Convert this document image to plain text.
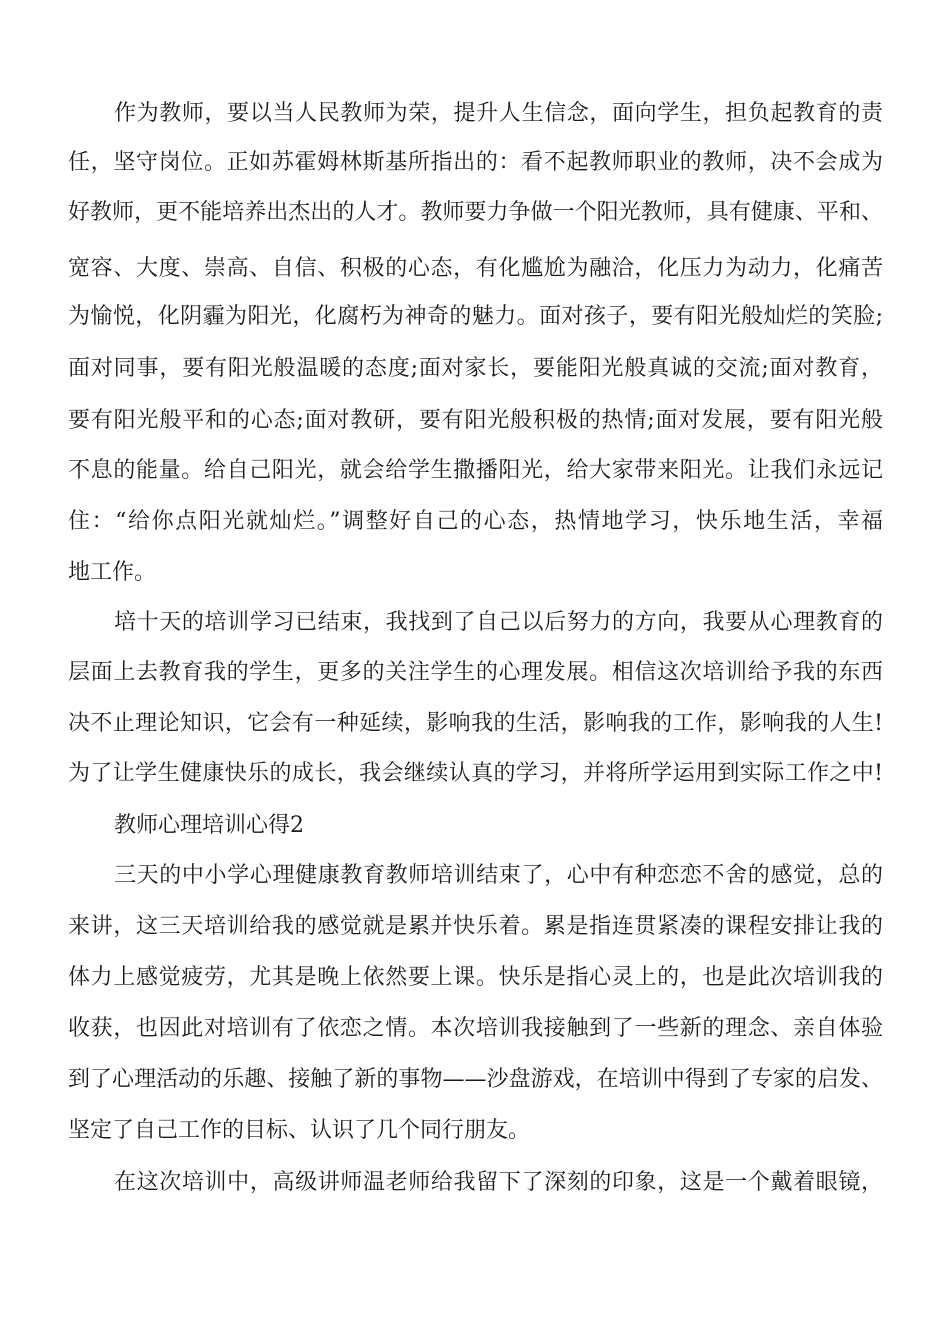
作为教师，要以当人民教师为荣，提升人生信念，面向学生，担负起教育的责
任，坚守岗位。正如苏霍姆林斯基所指出的：看不起教师职业的教师，决不会成为
好教师，更不能培养出杰出的人才。教师要力争做一个阳光教师，具有健康、平和、
宽容、大度、崇高、自信、积极的心态，有化尴尬为融洽，化压力为动力，化痛苦
为愉悦，化阴霾为阳光，化腐朽为神奇的魅力。面对孩子，要有阳光般灿烂的笑脸;
面对同事，要有阳光般温暖的态度;面对家长，要能阳光般真诚的交流;面对教育，
要有阳光般平和的心态;面对教研，要有阳光般积极的热情;面对发展，要有阳光般
不息的能量。给自己阳光，就会给学生撒播阳光，给大家带来阳光。让我们永远记
住：“给你点阳光就灿烂。”调整好自己的心态，热情地学习，快乐地生活，幸福
地工作。
培十天的培训学习已结束，我找到了自己以后努力的方向，我要从心理教育的
层面上去教育我的学生，更多的关注学生的心理发展。相信这次培训给予我的东西
决不止理论知识，它会有一种延续，影响我的生活，影响我的工作，影响我的人生!
为了让学生健康快乐的成长，我会继续认真的学习，并将所学运用到实际工作之中!
教师心理培训心得2
三天的中小学心理健康教育教师培训结束了，心中有种恋恋不舍的感觉，总的
来讲，这三天培训给我的感觉就是累并快乐着。累是指连贯紧凑的课程安排让我的
体力上感觉疲劳，尤其是晚上依然要上课。快乐是指心灵上的，也是此次培训我的
收获，也因此对培训有了依恋之情。本次培训我接触到了一些新的理念、亲自体验
到了心理活动的乐趣、接触了新的事物——沙盘游戏，在培训中得到了专家的启发、
坚定了自己工作的目标、认识了几个同行朋友。
在这次培训中，高级讲师温老师给我留下了深刻的印象，这是一个戴着眼镜，
